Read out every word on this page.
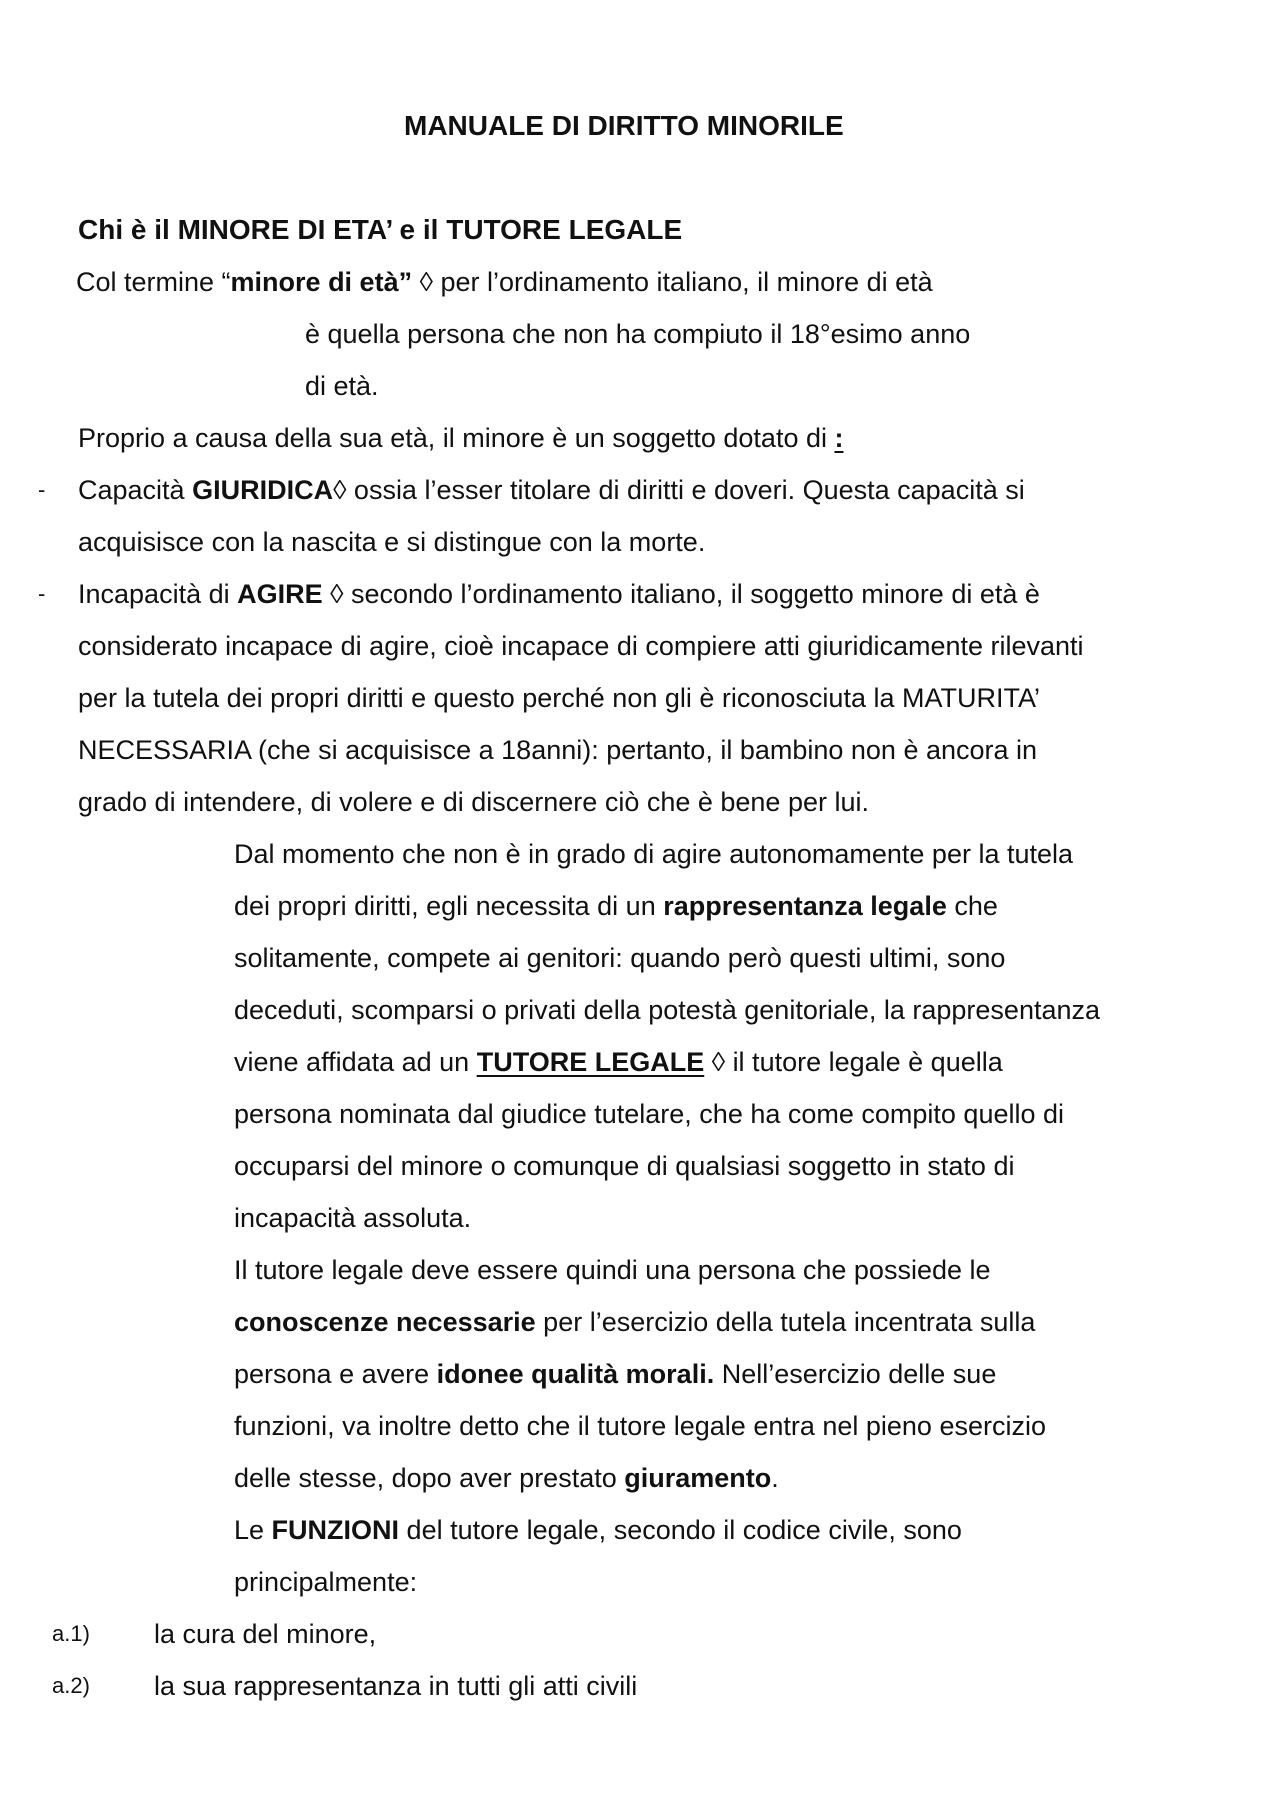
MANUALE DI DIRITTO MINORILE
Chi è il MINORE DI ETA’ e il TUTORE LEGALE
Col termine “minore di età” ◊ per l’ordinamento italiano, il minore di età
è quella persona che non ha compiuto il 18°esimo anno
di età.
Proprio a causa della sua età, il minore è un soggetto dotato di :
- Capacità GIURIDICA◊ ossia l’esser titolare di diritti e doveri. Questa capacità si
acquisisce con la nascita e si distingue con la morte.
- Incapacità di AGIRE ◊ secondo l’ordinamento italiano, il soggetto minore di età è
considerato incapace di agire, cioè incapace di compiere atti giuridicamente rilevanti
per la tutela dei propri diritti e questo perché non gli è riconosciuta la MATURITA’
NECESSARIA (che si acquisisce a 18anni): pertanto, il bambino non è ancora in
grado di intendere, di volere e di discernere ciò che è bene per lui.
Dal momento che non è in grado di agire autonomamente per la tutela
dei propri diritti, egli necessita di un rappresentanza legale che
solitamente, compete ai genitori: quando però questi ultimi, sono
deceduti, scomparsi o privati della potestà genitoriale, la rappresentanza
viene affidata ad un TUTORE LEGALE ◊ il tutore legale è quella
persona nominata dal giudice tutelare, che ha come compito quello di
occuparsi del minore o comunque di qualsiasi soggetto in stato di
incapacità assoluta.
Il tutore legale deve essere quindi una persona che possiede le
conoscenze necessarie per l’esercizio della tutela incentrata sulla
persona e avere idonee qualità morali. Nell’esercizio delle sue
funzioni, va inoltre detto che il tutore legale entra nel pieno esercizio
delle stesse, dopo aver prestato giuramento.
Le FUNZIONI del tutore legale, secondo il codice civile, sono
principalmente:
a.1) la cura del minore,
a.2) la sua rappresentanza in tutti gli atti civili
